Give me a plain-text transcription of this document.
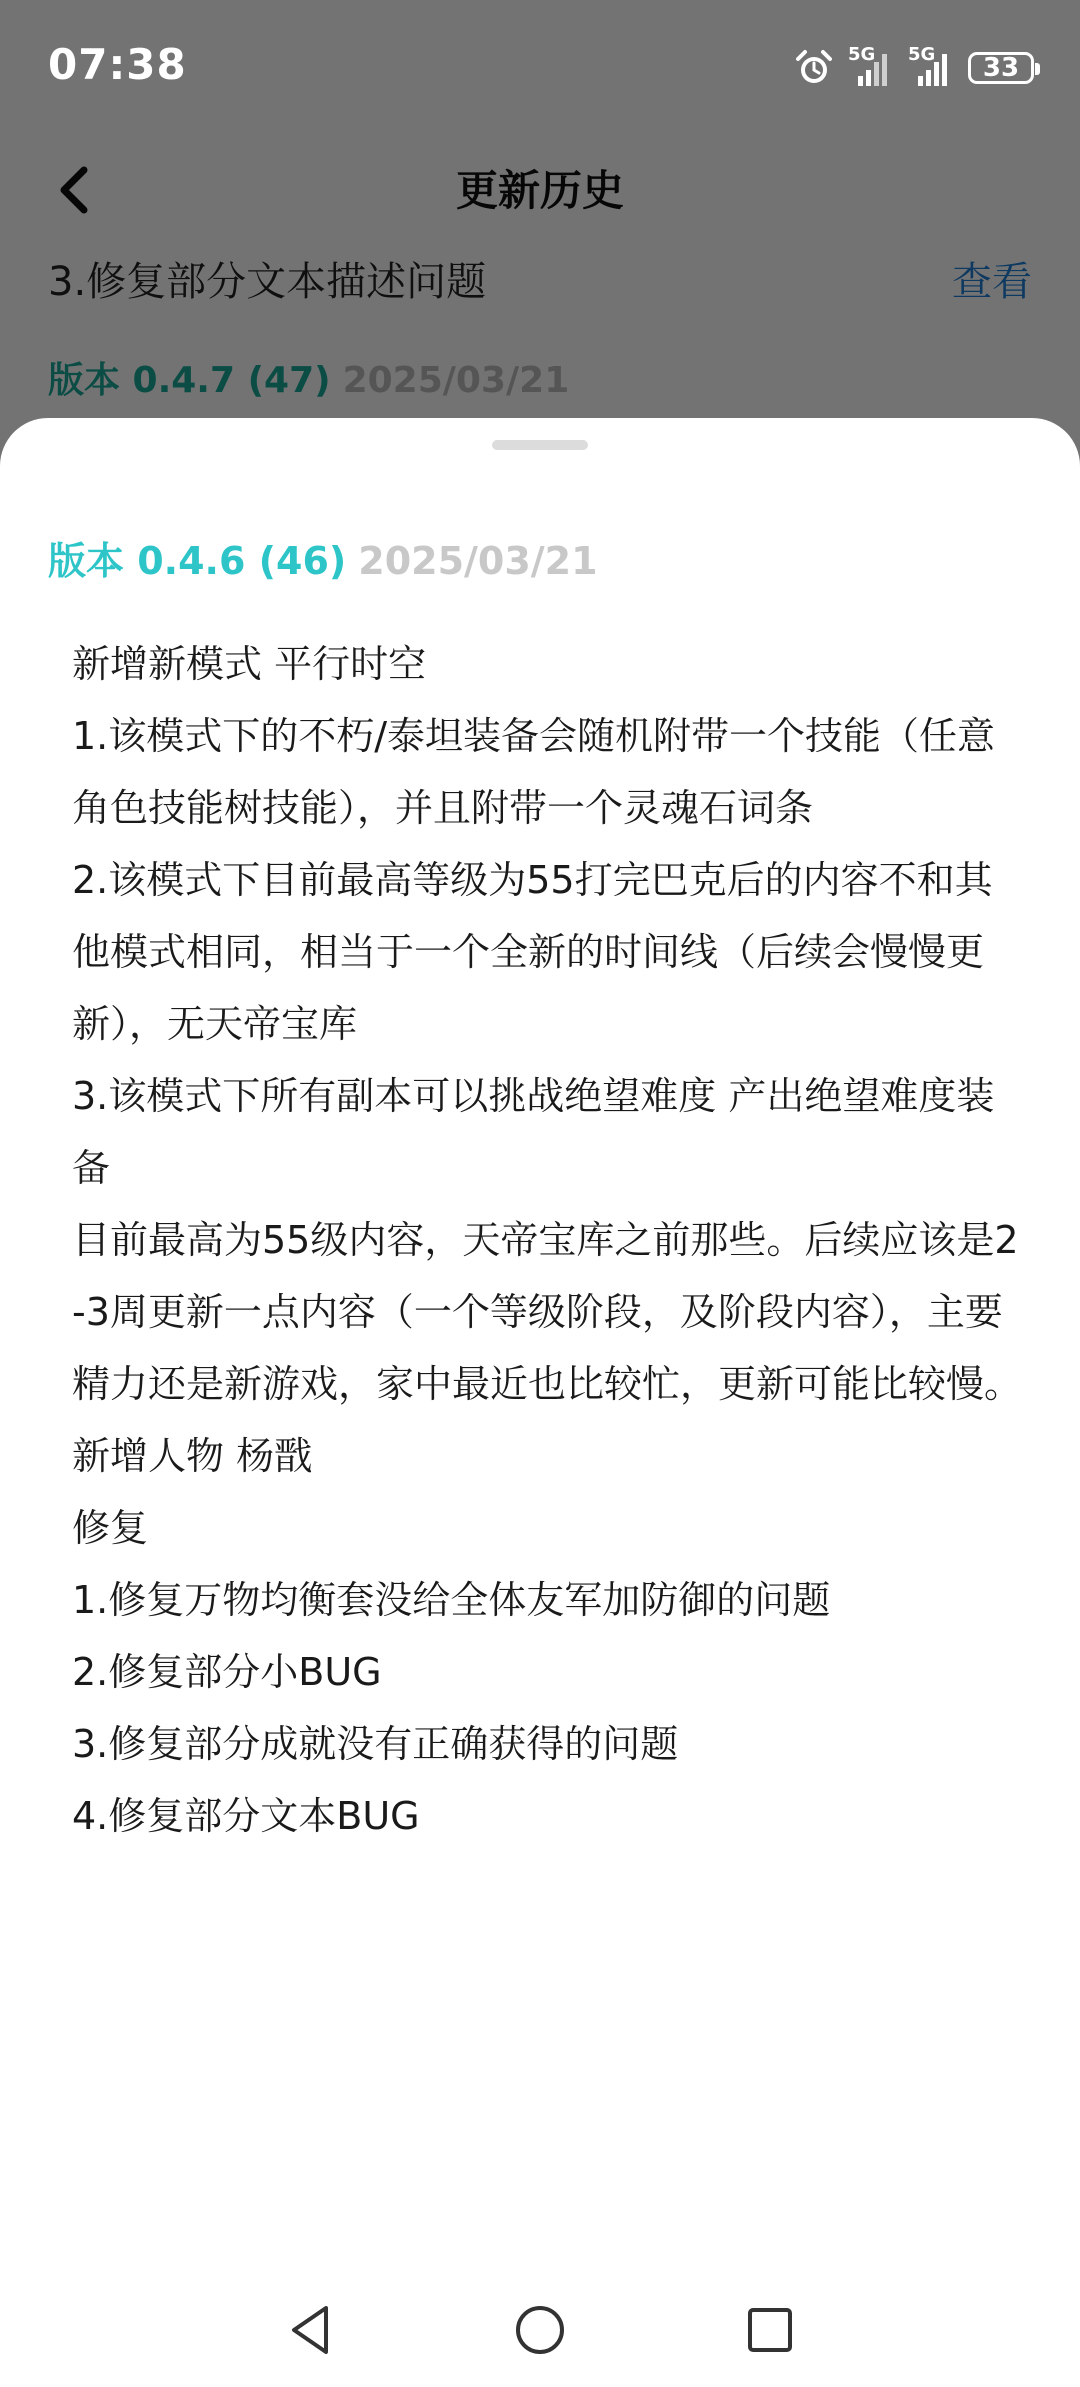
07:38	5G 5G	33
版本 0.4.6 (46) 2025/03/21
新增新模式 平行时空
1.该模式下的不朽/泰坦装备会随机附带一个技能（任意角色技能树技能），并且附带一个灵魂石词条
2.该模式下目前最高等级为55打完巴克后的内容不和其他模式相同，相当于一个全新的时间线（后续会慢慢更新），无天帝宝库
3.该模式下所有副本可以挑战绝望难度 产出绝望难度装备
目前最高为55级内容，天帝宝库之前那些。后续应该是2-3周更新一点内容（一个等级阶段，及阶段内容），主要精力还是新游戏，家中最近也比较忙，更新可能比较慢。
新增人物 杨戬
修复
1.修复万物均衡套没给全体友军加防御的问题
2.修复部分小BUG
3.修复部分成就没有正确获得的问题
4.修复部分文本BUG
